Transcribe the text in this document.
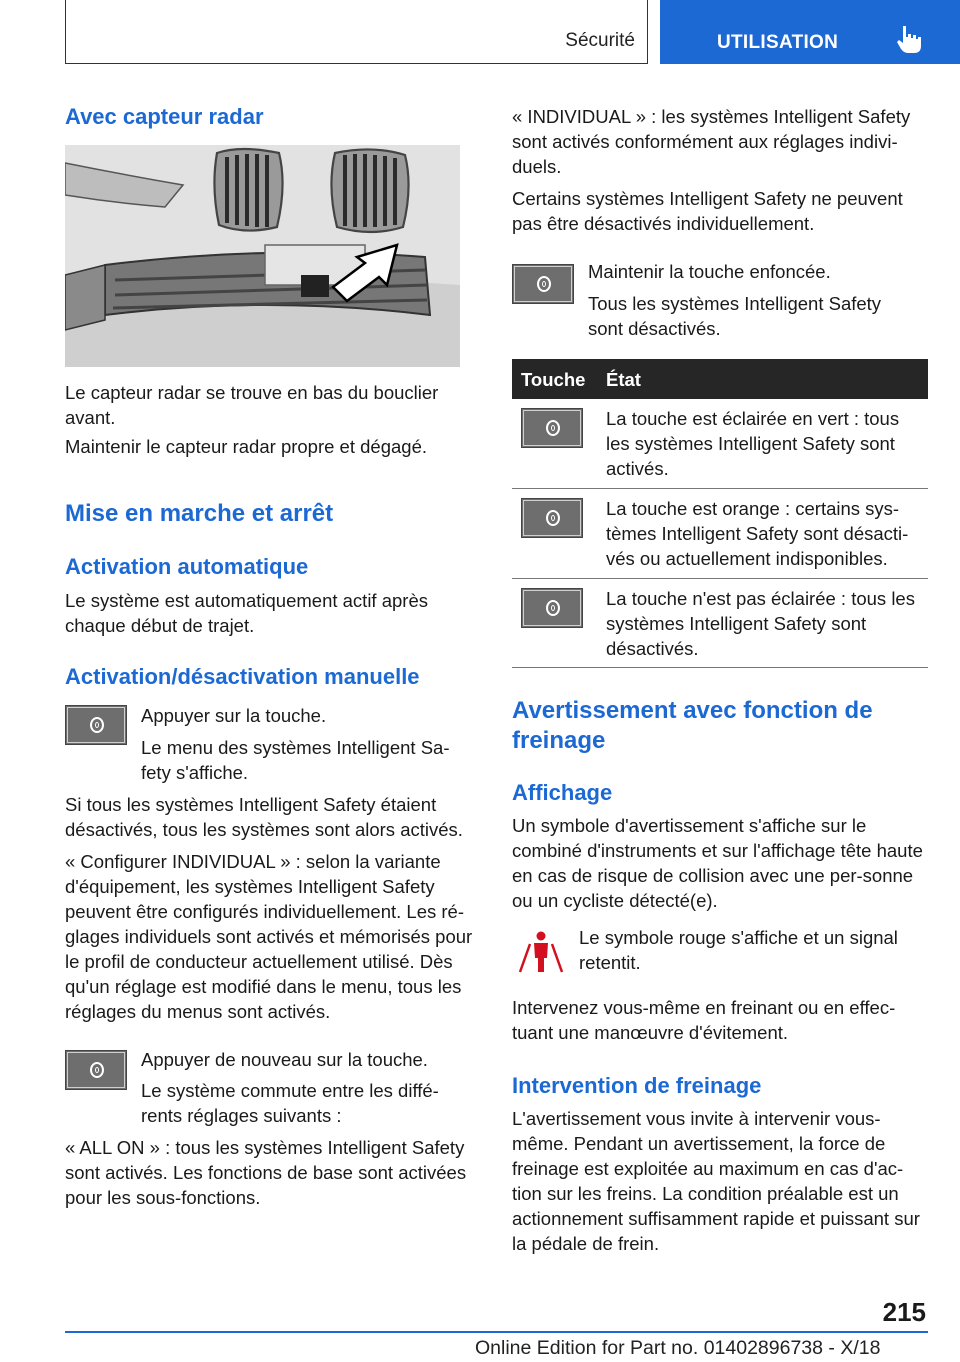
Sécurité	UTILISATION
Avec capteur radar

Le capteur radar se trouve en bas du bouclier avant.

Maintenir le capteur radar propre et dégagé.

Mise en marche et arrêt
Activation automatique

Le système est automatiquement actif après chaque début de trajet.

Activation/désactivation manuelle

Appuyer sur la touche.

Le menu des systèmes Intelligent Sa-fety s'affiche.

Si tous les systèmes Intelligent Safety étaient désactivés, tous les systèmes sont alors activés.

« Configurer INDIVIDUAL » : selon la variante d'équipement, les systèmes Intelligent Safety peuvent être configurés individuellement. Les ré-glages individuels sont activés et mémorisés pour le profil de conducteur actuellement utilisé. Dès qu'un réglage est modifié dans le menu, tous les réglages du menus sont activés.

Appuyer de nouveau sur la touche.

Le système commute entre les diffé-rents réglages suivants :

« ALL ON » : tous les systèmes Intelligent Safety sont activés. Les fonctions de base sont activées pour les sous-fonctions.

« INDIVIDUAL » : les systèmes Intelligent Safety sont activés conformément aux réglages indivi-duels.

Certains systèmes Intelligent Safety ne peuvent pas être désactivés individuellement.

Maintenir la touche enfoncée.

Tous les systèmes Intelligent Safety sont désactivés.

Touche État

La touche est éclairée en vert : tous les systèmes Intelligent Safety sont activés.

La touche est orange : certains sys-tèmes Intelligent Safety sont désacti-vés ou actuellement indisponibles.

La touche n'est pas éclairée : tous les systèmes Intelligent Safety sont désactivés.

Avertissement avec fonction de freinage
Affichage

Un symbole d'avertissement s'affiche sur le combiné d'instruments et sur l'affichage tête haute en cas de risque de collision avec une per-sonne ou un cycliste détecté(e).

Le symbole rouge s'affiche et un signal retentit.

Intervenez vous-même en freinant ou en effec-tuant une manœuvre d'évitement.

Intervention de freinage

L'avertissement vous invite à intervenir vous-même. Pendant un avertissement, la force de freinage est exploitée au maximum en cas d'ac-tion sur les freins. La condition préalable est un actionnement suffisamment rapide et puissant sur la pédale de frein.

215
Online Edition for Part no. 01402896738 - X/18
